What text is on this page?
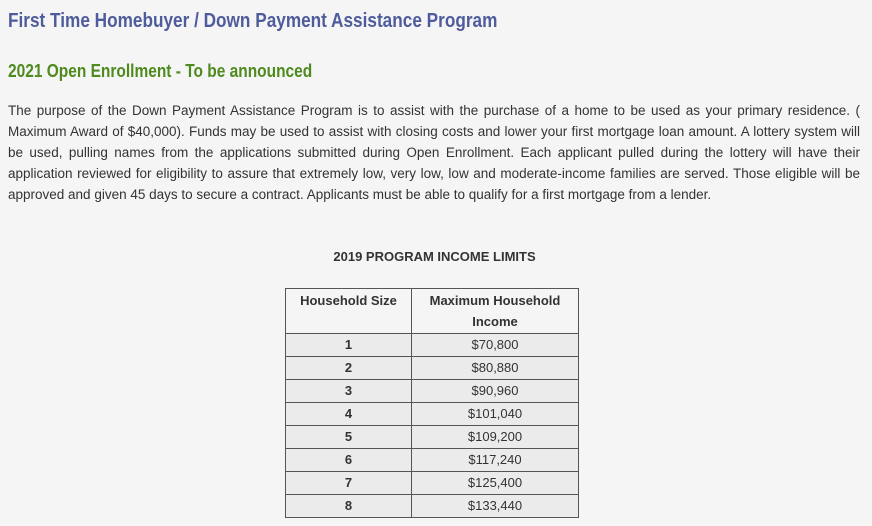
First Time Homebuyer / Down Payment Assistance Program
2021 Open Enrollment - To be announced

The purpose of the Down Payment Assistance Program is to assist with the purchase of a home to be used as your primary residence. ( Maximum Award of $40,000). Funds may be used to assist with closing costs and lower your first mortgage loan amount. A lottery system will be used, pulling names from the applications submitted during Open Enrollment. Each applicant pulled during the lottery will have their application reviewed for eligibility to assure that extremely low, very low, low and moderate-income families are served. Those eligible will be approved and given 45 days to secure a contract. Applicants must be able to qualify for a first mortgage from a lender.

2019 PROGRAM INCOME LIMITS
Household Size	Maximum Household Income
1	$70,800
2	$80,880
3	$90,960
4	$101,040
5	$109,200
6	$117,240
7	$125,400
8	$133,440
